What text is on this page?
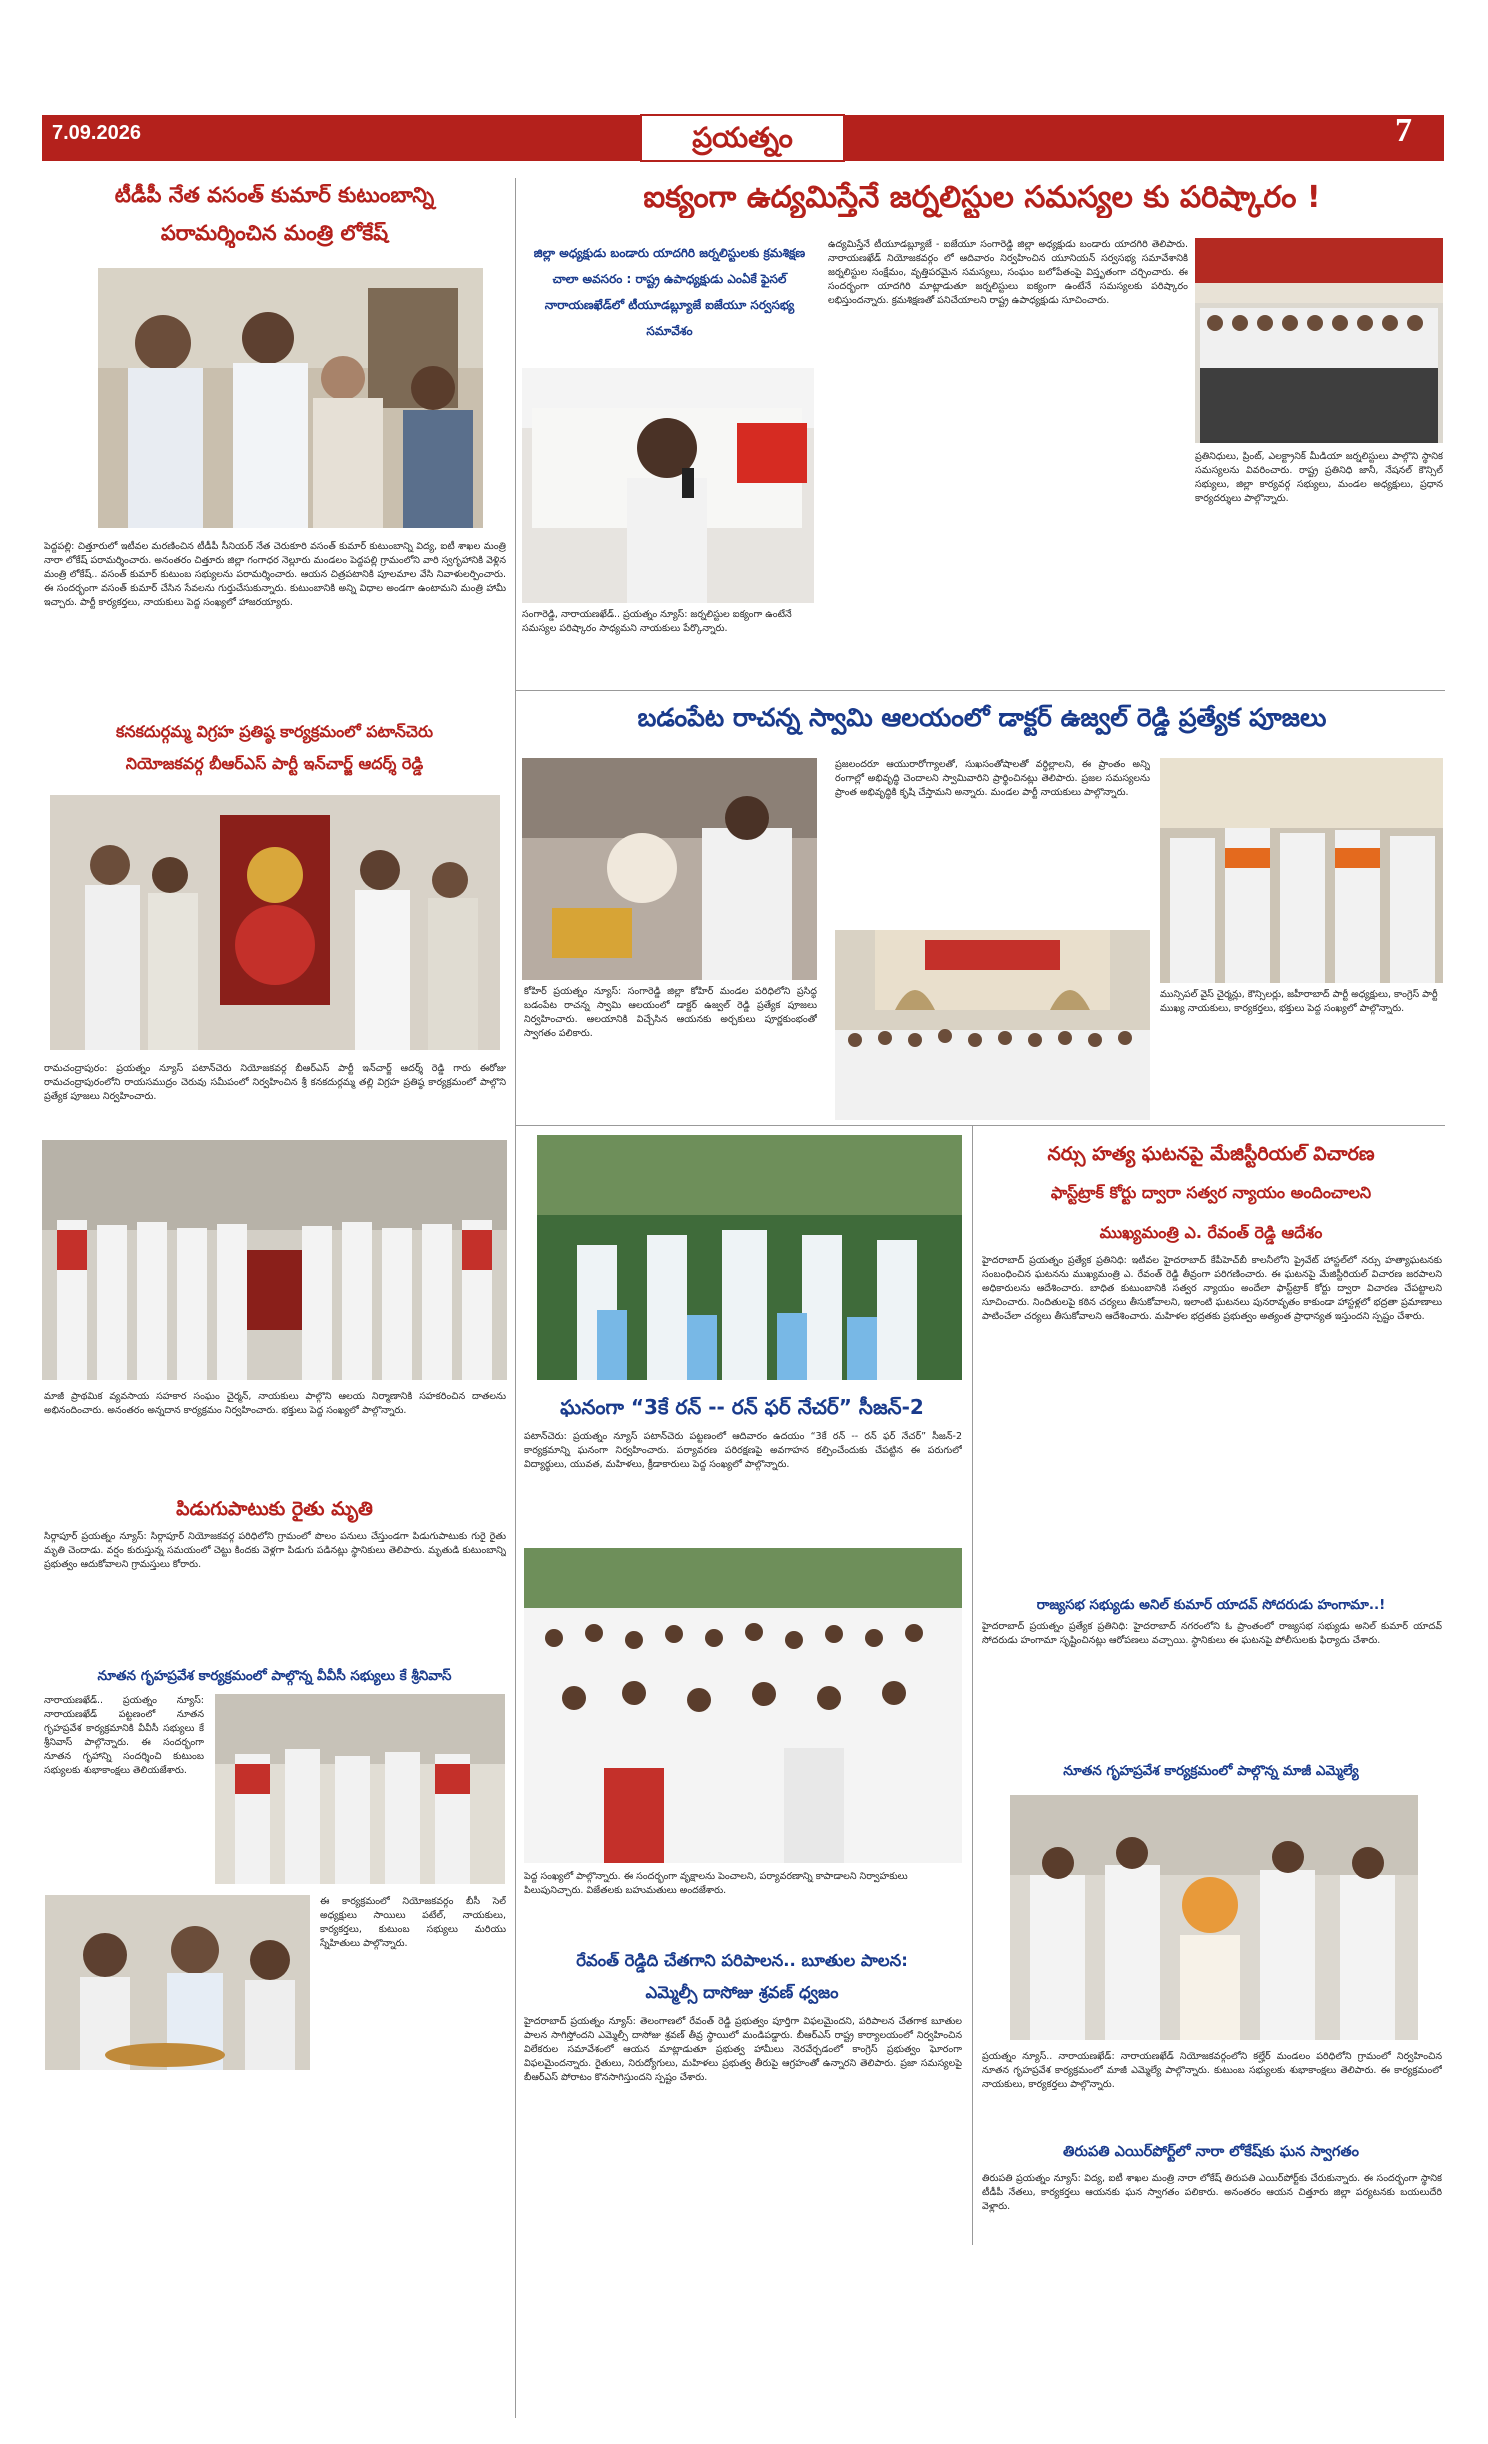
7.09.2026	ప్రయత్నం	7
టీడీపీ నేత వసంత్ కుమార్ కుటుంబాన్ని
పరామర్శించిన మంత్రి లోకేష్
పెద్దపల్లి: చిత్తూరులో ఇటీవల మరణించిన టీడీపీ సీనియర్ నేత చెరుకూరి వసంత్ కుమార్ కుటుంబాన్ని విద్య, ఐటీ శాఖల మంత్రి నారా లోకేష్ పరామర్శించారు. అనంతరం చిత్తూరు జిల్లా గంగాధర నెల్లూరు మండలం పెద్దపల్లి గ్రామంలోని వారి స్వగృహానికి వెళ్లిన మంత్రి లోకేష్.. వసంత్ కుమార్ కుటుంబ సభ్యులను పరామర్శించారు. ఆయన చిత్రపటానికి పూలమాల వేసి నివాళులర్పించారు. ఈ సందర్భంగా వసంత్ కుమార్ చేసిన సేవలను గుర్తుచేసుకున్నారు. కుటుంబానికి అన్ని విధాల అండగా ఉంటామని మంత్రి హామీ ఇచ్చారు. పార్టీ కార్యకర్తలు, నాయకులు పెద్ద సంఖ్యలో హాజరయ్యారు.
కనకదుర్గమ్మ విగ్రహ ప్రతిష్ఠ కార్యక్రమంలో పటాన్‌చెరు
నియోజకవర్గ బీఆర్ఎస్ పార్టీ ఇన్‌చార్జ్ ఆదర్శ్ రెడ్డి
రామచంద్రాపురం: ప్రయత్నం న్యూస్ పటాన్‌చెరు నియోజకవర్గ బీఆర్ఎస్ పార్టీ ఇన్‌చార్జ్ ఆదర్శ్ రెడ్డి గారు ఈరోజు రామచంద్రాపురంలోని రాయసముద్రం చెరువు సమీపంలో నిర్వహించిన శ్రీ కనకదుర్గమ్మ తల్లి విగ్రహ ప్రతిష్ఠ కార్యక్రమంలో పాల్గొని ప్రత్యేక పూజలు నిర్వహించారు.
మాజీ ప్రాథమిక వ్యవసాయ సహకార సంఘం చైర్మన్, నాయకులు పాల్గొని ఆలయ నిర్మాణానికి సహకరించిన దాతలను అభినందించారు. అనంతరం అన్నదాన కార్యక్రమం నిర్వహించారు. భక్తులు పెద్ద సంఖ్యలో పాల్గొన్నారు.
పిడుగుపాటుకు రైతు మృతి
సిర్గాపూర్ ప్రయత్నం న్యూస్: సిర్గాపూర్ నియోజకవర్గ పరిధిలోని గ్రామంలో పొలం పనులు చేస్తుండగా పిడుగుపాటుకు గురై రైతు మృతి చెందాడు. వర్షం కురుస్తున్న సమయంలో చెట్టు కిందకు వెళ్లగా పిడుగు పడినట్లు స్థానికులు తెలిపారు. మృతుడి కుటుంబాన్ని ప్రభుత్వం ఆదుకోవాలని గ్రామస్తులు కోరారు.
నూతన గృహప్రవేశ కార్యక్రమంలో పాల్గొన్న వీవీసీ సభ్యులు కే శ్రీనివాస్
నారాయణఖేడ్.. ప్రయత్నం న్యూస్: నారాయణఖేడ్ పట్టణంలో నూతన గృహప్రవేశ కార్యక్రమానికి వీవీసీ సభ్యులు కే శ్రీనివాస్ పాల్గొన్నారు. ఈ సందర్భంగా నూతన గృహాన్ని సందర్శించి కుటుంబ సభ్యులకు శుభాకాంక్షలు తెలియజేశారు.
ఈ కార్యక్రమంలో నియోజకవర్గం బీసీ సెల్ అధ్యక్షులు సాయిలు పటేల్, నాయకులు, కార్యకర్తలు, కుటుంబ సభ్యులు మరియు స్నేహితులు పాల్గొన్నారు.
ఐక్యంగా ఉద్యమిస్తేనే జర్నలిస్టుల సమస్యల కు పరిష్కారం !
జిల్లా అధ్యక్షుడు బండారు యాదగిరి జర్నలిస్టులకు క్రమశిక్షణ చాలా అవసరం : రాష్ట్ర ఉపాధ్యక్షుడు ఎంఏకే ఫైసల్ నారాయణఖేడ్‌లో టీయూడబ్ల్యూజే ఐజేయూ సర్వసభ్య సమావేశం
సంగారెడ్డి, నారాయణఖేడ్.. ప్రయత్నం న్యూస్: జర్నలిస్టుల ఐక్యంగా ఉంటేనే సమస్యల పరిష్కారం సాధ్యమని నాయకులు పేర్కొన్నారు.
ఉద్యమిస్తేనే టీయూడబ్ల్యూజే - ఐజేయూ సంగారెడ్డి జిల్లా అధ్యక్షుడు బండారు యాదగిరి తెలిపారు. నారాయణఖేడ్ నియోజకవర్గం లో ఆదివారం నిర్వహించిన యూనియన్ సర్వసభ్య సమావేశానికి జర్నలిస్టుల సంక్షేమం, వృత్తిపరమైన సమస్యలు, సంఘం బలోపేతంపై విస్తృతంగా చర్చించారు. ఈ సందర్భంగా యాదగిరి మాట్లాడుతూ జర్నలిస్టులు ఐక్యంగా ఉంటేనే సమస్యలకు పరిష్కారం లభిస్తుందన్నారు. క్రమశిక్షణతో పనిచేయాలని రాష్ట్ర ఉపాధ్యక్షుడు సూచించారు.
ప్రతినిధులు, ప్రింట్, ఎలక్ట్రానిక్ మీడియా జర్నలిస్టులు పాల్గొని స్థానిక సమస్యలను వివరించారు. రాష్ట్ర ప్రతినిధి జానీ, నేషనల్ కౌన్సిల్ సభ్యులు, జిల్లా కార్యవర్గ సభ్యులు, మండల అధ్యక్షులు, ప్రధాన కార్యదర్శులు పాల్గొన్నారు.
బడంపేట రాచన్న స్వామి ఆలయంలో డాక్టర్ ఉజ్వల్ రెడ్డి ప్రత్యేక పూజలు
కోహిర్ ప్రయత్నం న్యూస్: సంగారెడ్డి జిల్లా కోహిర్ మండల పరిధిలోని ప్రసిద్ధ బడంపేట రాచన్న స్వామి ఆలయంలో డాక్టర్ ఉజ్వల్ రెడ్డి ప్రత్యేక పూజలు నిర్వహించారు. ఆలయానికి విచ్చేసిన ఆయనకు అర్చకులు పూర్ణకుంభంతో స్వాగతం పలికారు.
ప్రజలందరూ ఆయురారోగ్యాలతో, సుఖసంతోషాలతో వర్ధిల్లాలని, ఈ ప్రాంతం అన్ని రంగాల్లో అభివృద్ధి చెందాలని స్వామివారిని ప్రార్థించినట్లు తెలిపారు. ప్రజల సమస్యలను ప్రాంత అభివృద్ధికి కృషి చేస్తామని అన్నారు. మండల పార్టీ నాయకులు పాల్గొన్నారు.
మున్సిపల్ వైస్ చైర్మన్లు, కౌన్సిలర్లు, జహీరాబాద్ పార్టీ అధ్యక్షులు, కాంగ్రెస్ పార్టీ ముఖ్య నాయకులు, కార్యకర్తలు, భక్తులు పెద్ద సంఖ్యలో పాల్గొన్నారు.
ఘనంగా “3కే రన్ -- రన్ ఫర్ నేచర్” సీజన్-2
పటాన్‌చెరు: ప్రయత్నం న్యూస్ పటాన్‌చెరు పట్టణంలో ఆదివారం ఉదయం “3కే రన్ -- రన్ ఫర్ నేచర్” సీజన్-2 కార్యక్రమాన్ని ఘనంగా నిర్వహించారు. పర్యావరణ పరిరక్షణపై అవగాహన కల్పించేందుకు చేపట్టిన ఈ పరుగులో విద్యార్థులు, యువత, మహిళలు, క్రీడాకారులు పెద్ద సంఖ్యలో పాల్గొన్నారు.
పెద్ద సంఖ్యలో పాల్గొన్నారు. ఈ సందర్భంగా వృక్షాలను పెంచాలని, పర్యావరణాన్ని కాపాడాలని నిర్వాహకులు పిలుపునిచ్చారు. విజేతలకు బహుమతులు అందజేశారు.
రేవంత్ రెడ్డిది చేతగాని పరిపాలన.. బూతుల పాలన:
ఎమ్మెల్సీ దాసోజు శ్రవణ్ ధ్వజం
హైదరాబాద్ ప్రయత్నం న్యూస్: తెలంగాణలో రేవంత్ రెడ్డి ప్రభుత్వం పూర్తిగా విఫలమైందని, పరిపాలన చేతగాక బూతుల పాలన సాగిస్తోందని ఎమ్మెల్సీ దాసోజు శ్రవణ్ తీవ్ర స్థాయిలో మండిపడ్డారు. బీఆర్ఎస్ రాష్ట్ర కార్యాలయంలో నిర్వహించిన విలేకరుల సమావేశంలో ఆయన మాట్లాడుతూ ప్రభుత్వ హామీలు నెరవేర్చడంలో కాంగ్రెస్ ప్రభుత్వం ఘోరంగా విఫలమైందన్నారు. రైతులు, నిరుద్యోగులు, మహిళలు ప్రభుత్వ తీరుపై ఆగ్రహంతో ఉన్నారని తెలిపారు. ప్రజా సమస్యలపై బీఆర్ఎస్ పోరాటం కొనసాగిస్తుందని స్పష్టం చేశారు.
నర్సు హత్య ఘటనపై మేజిస్టీరియల్ విచారణ
ఫాస్ట్‌ట్రాక్ కోర్టు ద్వారా సత్వర న్యాయం అందించాలని
ముఖ్యమంత్రి ఎ. రేవంత్ రెడ్డి ఆదేశం
హైదరాబాద్ ప్రయత్నం ప్రత్యేక ప్రతినిధి: ఇటీవల హైదరాబాద్ కేపీహెచ్‌బీ కాలనీలోని ప్రైవేట్ హాస్టల్‌లో నర్సు హత్యాఘటనకు సంబంధించిన ఘటనను ముఖ్యమంత్రి ఎ. రేవంత్ రెడ్డి తీవ్రంగా పరిగణించారు. ఈ ఘటనపై మేజిస్టీరియల్ విచారణ జరపాలని అధికారులను ఆదేశించారు. బాధిత కుటుంబానికి సత్వర న్యాయం అందేలా ఫాస్ట్‌ట్రాక్ కోర్టు ద్వారా విచారణ చేపట్టాలని సూచించారు. నిందితులపై కఠిన చర్యలు తీసుకోవాలని, ఇలాంటి ఘటనలు పునరావృతం కాకుండా హాస్టళ్లలో భద్రతా ప్రమాణాలు పాటించేలా చర్యలు తీసుకోవాలని ఆదేశించారు. మహిళల భద్రతకు ప్రభుత్వం అత్యంత ప్రాధాన్యత ఇస్తుందని స్పష్టం చేశారు.
రాజ్యసభ సభ్యుడు అనిల్ కుమార్ యాదవ్ సోదరుడు హంగామా..!
హైదరాబాద్ ప్రయత్నం ప్రత్యేక ప్రతినిధి: హైదరాబాద్ నగరంలోని ఓ ప్రాంతంలో రాజ్యసభ సభ్యుడు అనిల్ కుమార్ యాదవ్ సోదరుడు హంగామా సృష్టించినట్లు ఆరోపణలు వచ్చాయి. స్థానికులు ఈ ఘటనపై పోలీసులకు ఫిర్యాదు చేశారు.
నూతన గృహప్రవేశ కార్యక్రమంలో పాల్గొన్న మాజీ ఎమ్మెల్యే
ప్రయత్నం న్యూస్.. నారాయణఖేడ్: నారాయణఖేడ్ నియోజకవర్గంలోని కల్హేర్ మండలం పరిధిలోని గ్రామంలో నిర్వహించిన నూతన గృహప్రవేశ కార్యక్రమంలో మాజీ ఎమ్మెల్యే పాల్గొన్నారు. కుటుంబ సభ్యులకు శుభాకాంక్షలు తెలిపారు. ఈ కార్యక్రమంలో నాయకులు, కార్యకర్తలు పాల్గొన్నారు.
తిరుపతి ఎయిర్‌పోర్ట్‌లో నారా లోకేష్‌కు ఘన స్వాగతం
తిరుపతి ప్రయత్నం న్యూస్: విద్య, ఐటీ శాఖల మంత్రి నారా లోకేష్ తిరుపతి ఎయిర్‌పోర్ట్‌కు చేరుకున్నారు. ఈ సందర్భంగా స్థానిక టీడీపీ నేతలు, కార్యకర్తలు ఆయనకు ఘన స్వాగతం పలికారు. అనంతరం ఆయన చిత్తూరు జిల్లా పర్యటనకు బయలుదేరి వెళ్లారు.
